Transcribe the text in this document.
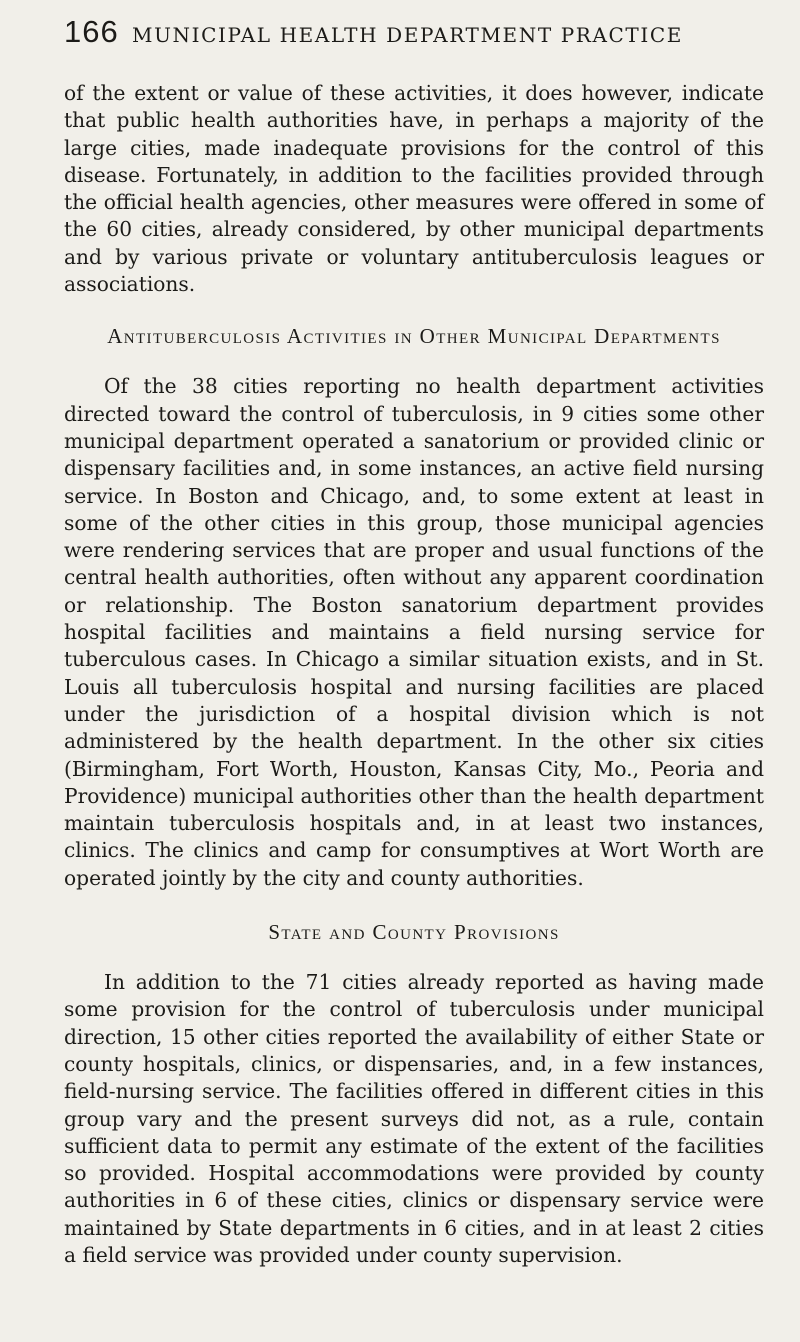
166 MUNICIPAL HEALTH DEPARTMENT PRACTICE

of the extent or value of these activities, it does however, indicate that public health authorities have, in perhaps a majority of the large cities, made inadequate provisions for the control of this disease. Fortunately, in addition to the facilities provided through the official health agencies, other measures were offered in some of the 60 cities, already considered, by other municipal departments and by various private or voluntary antituberculosis leagues or associations.

Antituberculosis Activities in Other Municipal Departments

Of the 38 cities reporting no health department activities directed toward the control of tuberculosis, in 9 cities some other municipal department operated a sanatorium or provided clinic or dispensary facilities and, in some instances, an active field nursing service. In Boston and Chicago, and, to some extent at least in some of the other cities in this group, those municipal agencies were rendering services that are proper and usual functions of the central health authorities, often without any apparent coordination or relationship. The Boston sanatorium department provides hospital facilities and maintains a field nursing service for tuberculous cases. In Chicago a similar situation exists, and in St. Louis all tuberculosis hospital and nursing facilities are placed under the jurisdiction of a hospital division which is not administered by the health department. In the other six cities (Birmingham, Fort Worth, Houston, Kansas City, Mo., Peoria and Providence) municipal authorities other than the health department maintain tuberculosis hospitals and, in at least two instances, clinics. The clinics and camp for consumptives at Wort Worth are operated jointly by the city and county authorities.

State and County Provisions

In addition to the 71 cities already reported as having made some provision for the control of tuberculosis under municipal direction, 15 other cities reported the availability of either State or county hospitals, clinics, or dispensaries, and, in a few instances, field-nursing service. The facilities offered in different cities in this group vary and the present surveys did not, as a rule, contain sufficient data to permit any estimate of the extent of the facilities so provided. Hospital accommodations were provided by county authorities in 6 of these cities, clinics or dispensary service were maintained by State departments in 6 cities, and in at least 2 cities a field service was provided under county supervision.
